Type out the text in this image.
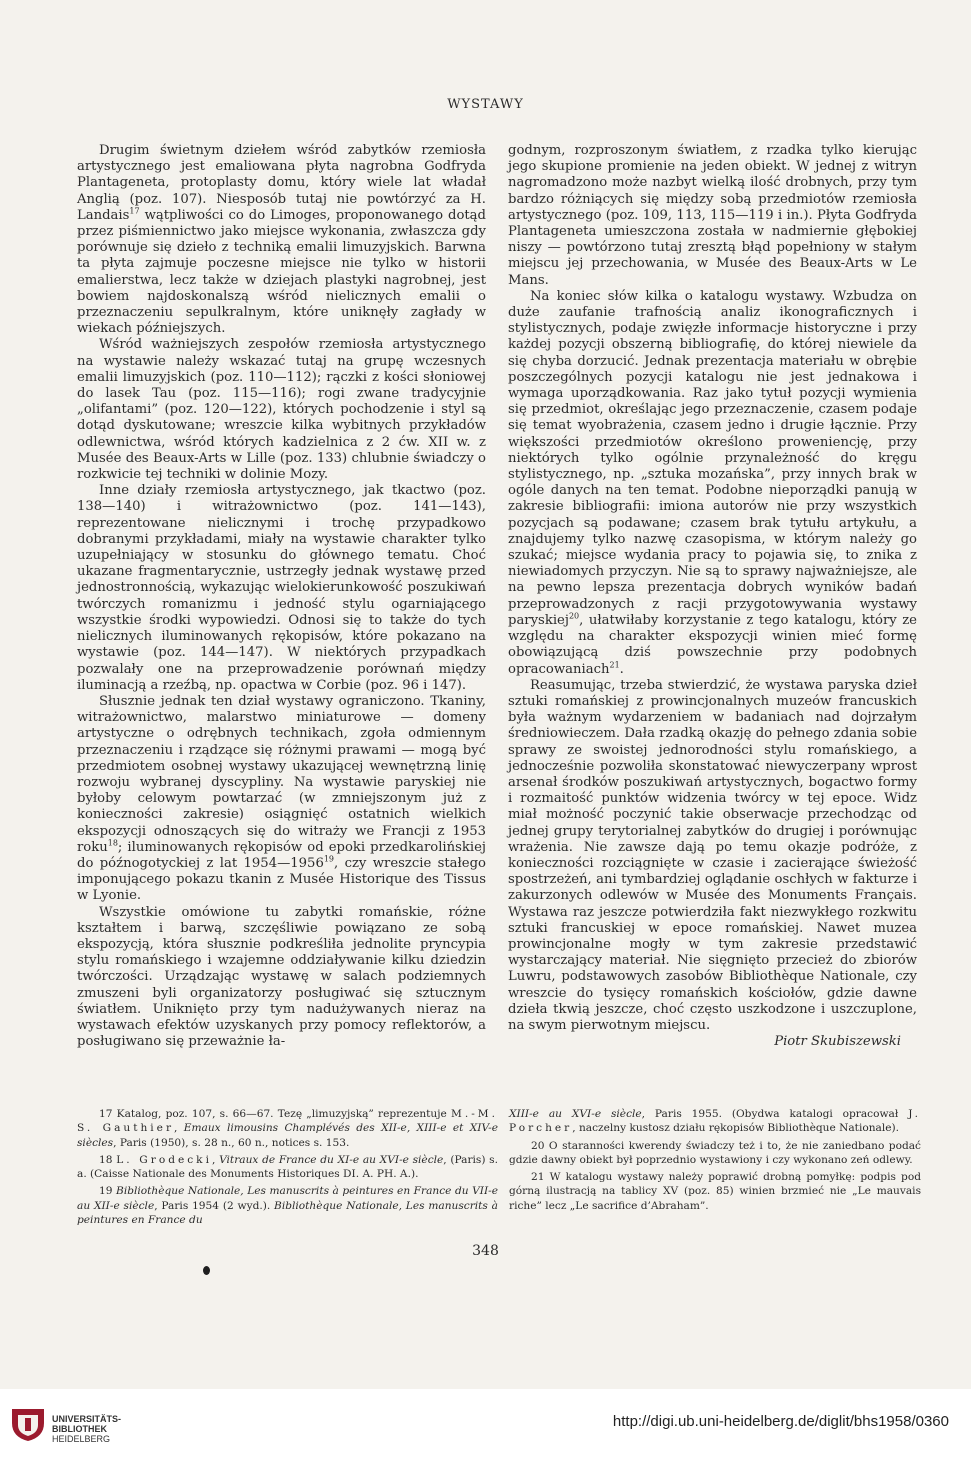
WYSTAWY

Drugim świetnym dziełem wśród zabytków rzemiosła artystycznego jest emaliowana płyta nagrobna Godfryda Plantageneta, protoplasty domu, który wiele lat władał Anglią (poz. 107). Niesposób tutaj nie powtórzyć za H. Landais$^{17}$ wątpliwości co do Limoges, proponowanego dotąd przez piśmiennictwo jako miejsce wykonania, zwłaszcza gdy porównuje się dzieło z techniką emalii limuzyjskich. Barwna ta płyta zajmuje poczesne miejsce nie tylko w historii emalierstwa, lecz także w dziejach plastyki nagrobnej, jest bowiem najdoskonalszą wśród nielicznych emalii o przeznaczeniu sepulkralnym, które uniknęły zagłady w wiekach późniejszych.

Wśród ważniejszych zespołów rzemiosła artystycznego na wystawie należy wskazać tutaj na grupę wczesnych emalii limuzyjskich (poz. 110—112); rączki z kości słoniowej do lasek Tau (poz. 115—116); rogi zwane tradycyjnie „olifantami” (poz. 120—122), których pochodzenie i styl są dotąd dyskutowane; wreszcie kilka wybitnych przykładów odlewnictwa, wśród których kadzielnica z 2 ćw. XII w. z Musée des Beaux-Arts w Lille (poz. 133) chlubnie świadczy o rozkwicie tej techniki w dolinie Mozy.

Inne działy rzemiosła artystycznego, jak tkactwo (poz. 138—140) i witrażownictwo (poz. 141—143), reprezentowane nielicznymi i trochę przypadkowo dobranymi przykładami, miały na wystawie charakter tylko uzupełniający w stosunku do głównego tematu. Choć ukazane fragmentarycznie, ustrzegły jednak wystawę przed jednostronnością, wykazując wielokierunkowość poszukiwań twórczych romanizmu i jedność stylu ogarniającego wszystkie środki wypowiedzi. Odnosi się to także do tych nielicznych iluminowanych rękopisów, które pokazano na wystawie (poz. 144—147). W niektórych przypadkach pozwalały one na przeprowadzenie porównań między iluminacją a rzeźbą, np. opactwa w Corbie (poz. 96 i 147).

Słusznie jednak ten dział wystawy ograniczono. Tkaniny, witrażownictwo, malarstwo miniaturowe — domeny artystyczne o odrębnych technikach, zgoła odmiennym przeznaczeniu i rządzące się różnymi prawami — mogą być przedmiotem osobnej wystawy ukazującej wewnętrzną linię rozwoju wybranej dyscypliny. Na wystawie paryskiej nie byłoby celowym powtarzać (w zmniejszonym już z konieczności zakresie) osiągnięć ostatnich wielkich ekspozycji odnoszących się do witraży we Francji z 1953 roku$^{18}$; iluminowanych rękopisów od epoki przedkarolińskiej do późnogotyckiej z lat 1954—1956$^{19}$, czy wreszcie stałego imponującego pokazu tkanin z Musée Historique des Tissus w Lyonie.

Wszystkie omówione tu zabytki romańskie, różne kształtem i barwą, szczęśliwie powiązano ze sobą ekspozycją, która słusznie podkreśliła jednolite pryncypia stylu romańskiego i wzajemne oddziaływanie kilku dziedzin twórczości. Urządzając wystawę w salach podziemnych zmuszeni byli organizatorzy posługiwać się sztucznym światłem. Uniknięto przy tym nadużywanych nieraz na wystawach efektów uzyskanych przy pomocy reflektorów, a posługiwano się przeważnie ła-

godnym, rozproszonym światłem, z rzadka tylko kierując jego skupione promienie na jeden obiekt. W jednej z witryn nagromadzono może nazbyt wielką ilość drobnych, przy tym bardzo różniących się między sobą przedmiotów rzemiosła artystycznego (poz. 109, 113, 115—119 i in.). Płyta Godfryda Plantageneta umieszczona została w nadmiernie głębokiej niszy — powtórzono tutaj zresztą błąd popełniony w stałym miejscu jej przechowania, w Musée des Beaux-Arts w Le Mans.

Na koniec słów kilka o katalogu wystawy. Wzbudza on duże zaufanie trafnością analiz ikonograficznych i stylistycznych, podaje zwięzłe informacje historyczne i przy każdej pozycji obszerną bibliografię, do której niewiele da się chyba dorzucić. Jednak prezentacja materiału w obrębie poszczególnych pozycji katalogu nie jest jednakowa i wymaga uporządkowania. Raz jako tytuł pozycji wymienia się przedmiot, określając jego przeznaczenie, czasem podaje się temat wyobrażenia, czasem jedno i drugie łącznie. Przy większości przedmiotów określono proweniencję, przy niektórych tylko ogólnie przynależność do kręgu stylistycznego, np. „sztuka mozańska”, przy innych brak w ogóle danych na ten temat. Podobne nieporządki panują w zakresie bibliografii: imiona autorów nie przy wszystkich pozycjach są podawane; czasem brak tytułu artykułu, a znajdujemy tylko nazwę czasopisma, w którym należy go szukać; miejsce wydania pracy to pojawia się, to znika z niewiadomych przyczyn. Nie są to sprawy najważniejsze, ale na pewno lepsza prezentacja dobrych wyników badań przeprowadzonych z racji przygotowywania wystawy paryskiej$^{20}$, ułatwiłaby korzystanie z tego katalogu, który ze względu na charakter ekspozycji winien mieć formę obowiązującą dziś powszechnie przy podobnych opracowaniach$^{21}$.

Reasumując, trzeba stwierdzić, że wystawa paryska dzieł sztuki romańskiej z prowincjonalnych muzeów francuskich była ważnym wydarzeniem w badaniach nad dojrzałym średniowieczem. Dała rzadką okazję do pełnego zdania sobie sprawy ze swoistej jednorodności stylu romańskiego, a jednocześnie pozwoliła skonstatować niewyczerpany wprost arsenał środków poszukiwań artystycznych, bogactwo formy i rozmaitość punktów widzenia twórcy w tej epoce. Widz miał możność poczynić takie obserwacje przechodząc od jednej grupy terytorialnej zabytków do drugiej i porównując wrażenia. Nie zawsze dają po temu okazje podróże, z konieczności rozciągnięte w czasie i zacierające świeżość spostrzeżeń, ani tymbardziej oglądanie oschłych w fakturze i zakurzonych odlewów w Musée des Monuments Français. Wystawa raz jeszcze potwierdziła fakt niezwykłego rozkwitu sztuki francuskiej w epoce romańskiej. Nawet muzea prowincjonalne mogły w tym zakresie przedstawić wystarczający materiał. Nie sięgnięto przecież do zbiorów Luwru, podstawowych zasobów Bibliothèque Nationale, czy wreszcie do tysięcy romańskich kościołów, gdzie dawne dzieła tkwią jeszcze, choć często uszkodzone i uszczuplone, na swym pierwotnym miejscu.

Piotr Skubiszewski

17 Katalog, poz. 107, s. 66—67. Tezę „limuzyjską” reprezentuje M.-M. S. Gauthier, Emaux limousins Champlévés des XII-e, XIII-e et XIV-e siècles, Paris (1950), s. 28 n., 60 n., notices s. 153.

18 L. Grodecki, Vitraux de France du XI-e au XVI-e siècle, (Paris) s. a. (Caisse Nationale des Monuments Historiques DI. A. PH. A.).

19 Bibliothèque Nationale, Les manuscrits à peintures en France du VII-e au XII-e siècle, Paris 1954 (2 wyd.). Bibliothèque Nationale, Les manuscrits à peintures en France du

XIII-e au XVI-e siècle, Paris 1955. (Obydwa katalogi opracował J. Porcher, naczelny kustosz działu rękopisów Bibliothèque Nationale).

20 O staranności kwerendy świadczy też i to, że nie zaniedbano podać gdzie dawny obiekt był poprzednio wystawiony i czy wykonano zeń odlewy.

21 W katalogu wystawy należy poprawić drobną pomyłkę: podpis pod górną ilustracją na tablicy XV (poz. 85) winien brzmieć nie „Le mauvais riche” lecz „Le sacrifice d’Abraham”.

348
UNIVERSITÄTS-
BIBLIOTHEK
HEIDELBERG
http://digi.ub.uni-heidelberg.de/diglit/bhs1958/0360
